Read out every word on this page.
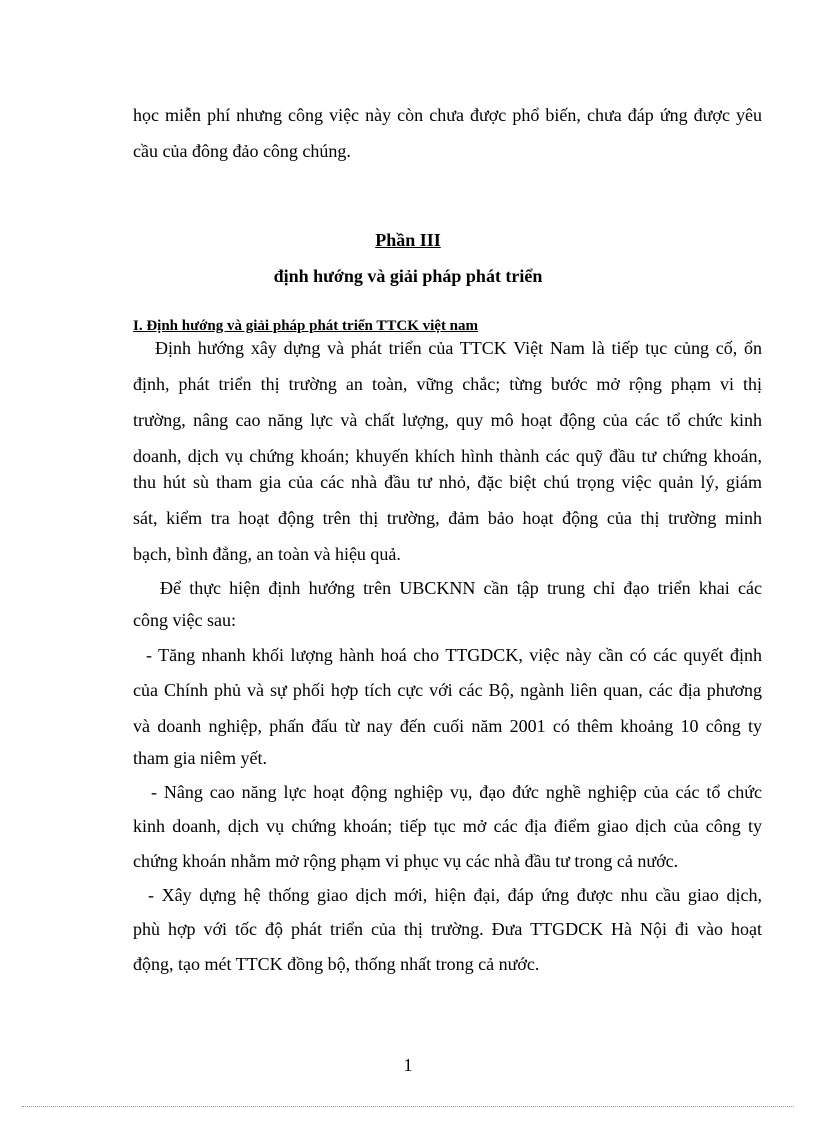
học miễn phí nhưng công việc này còn chưa được phổ biến, chưa đáp ứng được yêu
cầu của đông đảo công chúng.
Phần III
định hướng và giải pháp phát triển
I. Định hướng và giải pháp phát triển TTCK việt nam
Định hướng xây dựng và phát triển của TTCK Việt Nam là tiếp tục củng cố, ổn
định, phát triển thị trường an toàn, vững chắc; từng bước mở rộng phạm vi thị
trường, nâng cao năng lực và chất lượng, quy mô hoạt động của các tổ chức kinh
doanh, dịch vụ chứng khoán; khuyến khích hình thành các quỹ đầu tư chứng khoán,
thu hút sù tham gia của các nhà đầu tư nhỏ, đặc biệt chú trọng việc quản lý, giám
sát, kiểm tra hoạt động trên thị trường, đảm bảo hoạt động của thị trường minh
bạch, bình đẳng, an toàn và hiệu quả.
Để thực hiện định hướng trên UBCKNN cần tập trung chỉ đạo triển khai các
công việc sau:
- Tăng nhanh khối lượng hành hoá cho TTGDCK, việc này cần có các quyết định
của Chính phủ và sự phối hợp tích cực với các Bộ, ngành liên quan, các địa phương
và doanh nghiệp, phấn đấu từ nay đến cuối năm 2001 có thêm khoảng 10 công ty
tham gia niêm yết.
- Nâng cao năng lực hoạt động nghiệp vụ, đạo đức nghề nghiệp của các tổ chức
kinh doanh, dịch vụ chứng khoán; tiếp tục mở các địa điểm giao dịch của công ty
chứng khoán nhằm mở rộng phạm vi phục vụ các nhà đầu tư trong cả nước.
- Xây dựng hệ thống giao dịch mới, hiện đại, đáp ứng được nhu cầu giao dịch,
phù hợp với tốc độ phát triển của thị trường. Đưa TTGDCK Hà Nội đi vào hoạt
động, tạo mét TTCK đồng bộ, thống nhất trong cả nước.
1
